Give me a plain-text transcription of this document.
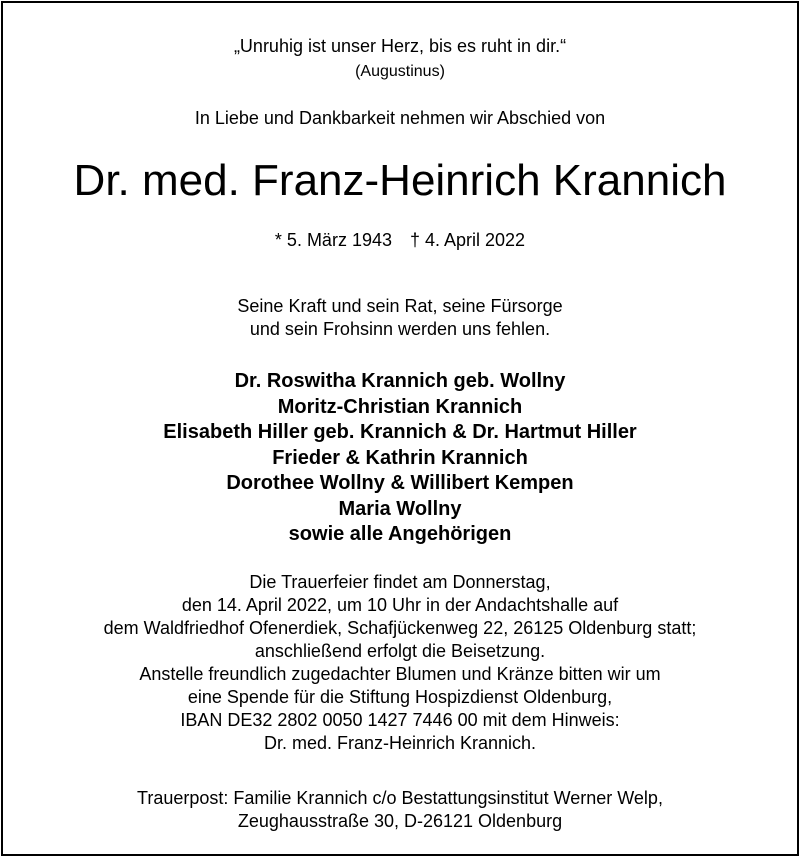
„Unruhig ist unser Herz, bis es ruht in dir.“
(Augustinus)
In Liebe und Dankbarkeit nehmen wir Abschied von
Dr. med. Franz-Heinrich Krannich
* 5. März 1943 † 4. April 2022
Seine Kraft und sein Rat, seine Fürsorge
und sein Frohsinn werden uns fehlen.
Dr. Roswitha Krannich geb. Wollny
Moritz-Christian Krannich
Elisabeth Hiller geb. Krannich & Dr. Hartmut Hiller
Frieder & Kathrin Krannich
Dorothee Wollny & Willibert Kempen
Maria Wollny
sowie alle Angehörigen
Die Trauerfeier findet am Donnerstag,
den 14. April 2022, um 10 Uhr in der Andachtshalle auf
dem Waldfriedhof Ofenerdiek, Schafjückenweg 22, 26125 Oldenburg statt;
anschließend erfolgt die Beisetzung.
Anstelle freundlich zugedachter Blumen und Kränze bitten wir um
eine Spende für die Stiftung Hospizdienst Oldenburg,
IBAN DE32 2802 0050 1427 7446 00 mit dem Hinweis:
Dr. med. Franz-Heinrich Krannich.
Trauerpost: Familie Krannich c/o Bestattungsinstitut Werner Welp,
Zeughausstraße 30, D-26121 Oldenburg
